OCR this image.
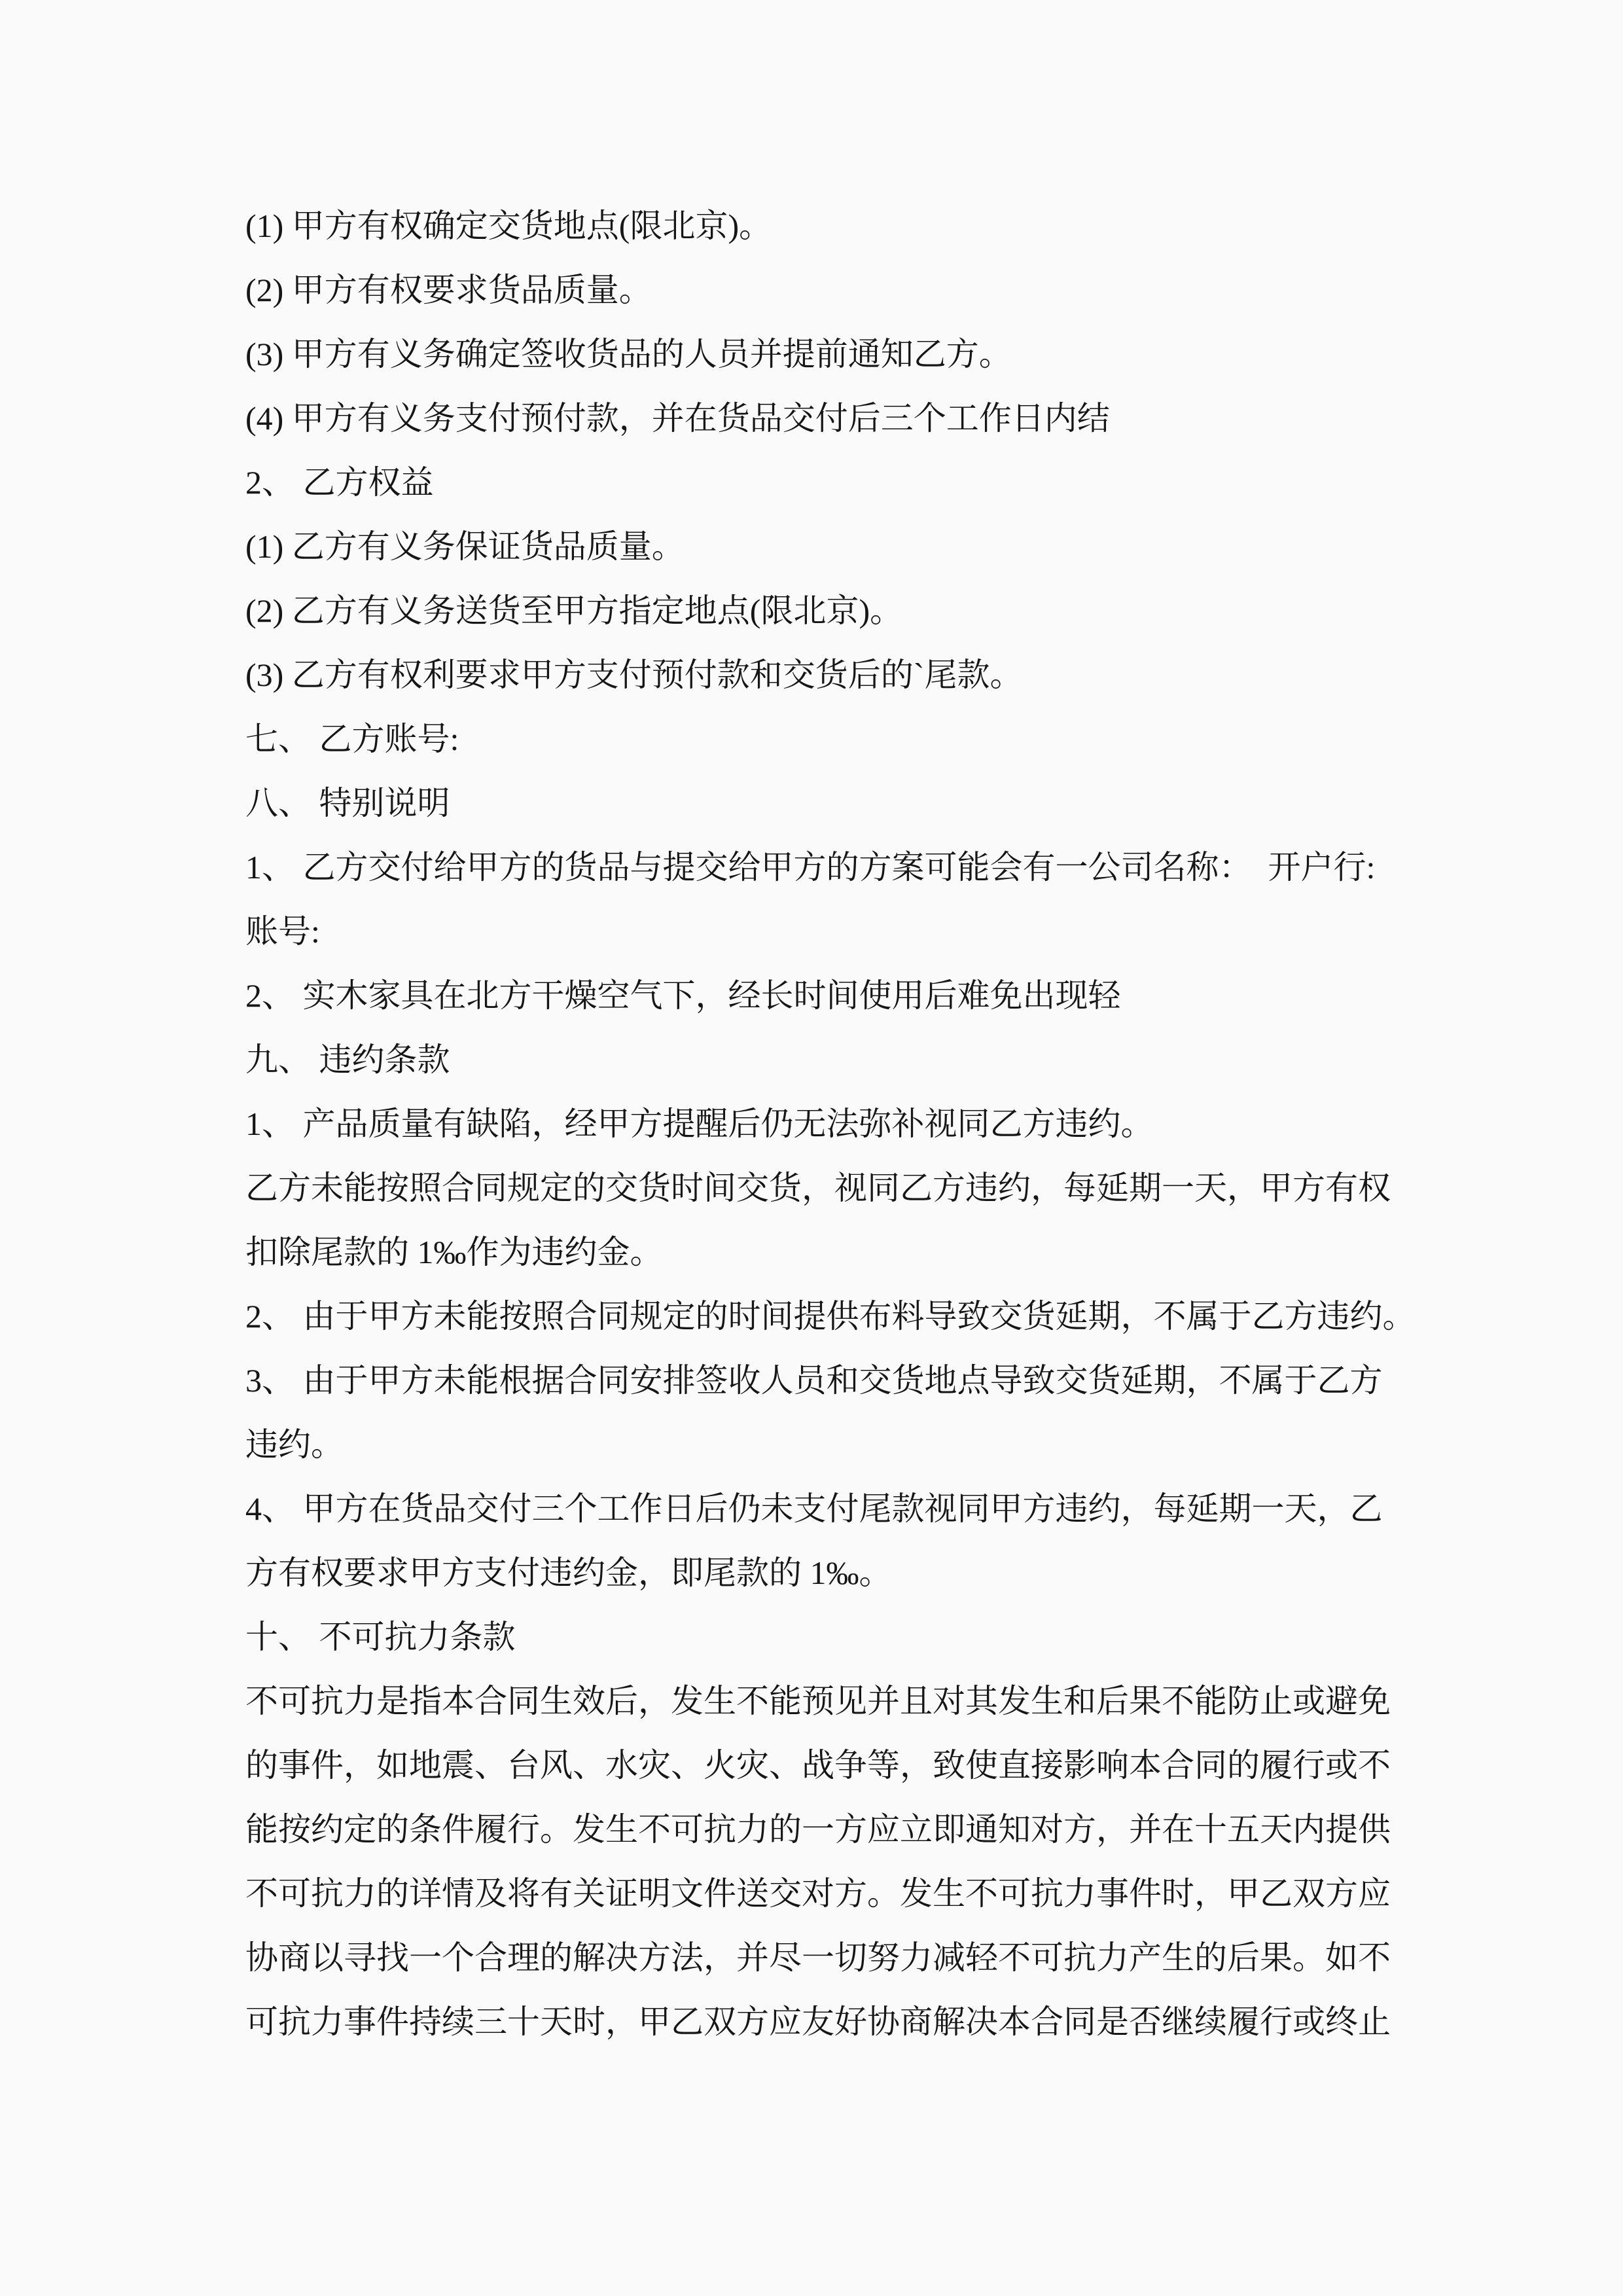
(1) 甲方有权确定交货地点(限北京)。
(2) 甲方有权要求货品质量。
(3) 甲方有义务确定签收货品的人员并提前通知乙方。
(4) 甲方有义务支付预付款，并在货品交付后三个工作日内结
2、 乙方权益
(1) 乙方有义务保证货品质量。
(2) 乙方有义务送货至甲方指定地点(限北京)。
(3) 乙方有权利要求甲方支付预付款和交货后的`尾款。
七、 乙方账号:
八、 特别说明
1、 乙方交付给甲方的货品与提交给甲方的方案可能会有一公司名称：  开户行:
账号:
2、 实木家具在北方干燥空气下，经长时间使用后难免出现轻
九、 违约条款
1、 产品质量有缺陷，经甲方提醒后仍无法弥补视同乙方违约。
乙方未能按照合同规定的交货时间交货，视同乙方违约，每延期一天，甲方有权
扣除尾款的 1‰作为违约金。
2、 由于甲方未能按照合同规定的时间提供布料导致交货延期，不属于乙方违约。
3、 由于甲方未能根据合同安排签收人员和交货地点导致交货延期，不属于乙方
违约。
4、 甲方在货品交付三个工作日后仍未支付尾款视同甲方违约，每延期一天，乙
方有权要求甲方支付违约金，即尾款的 1‰。
十、 不可抗力条款
不可抗力是指本合同生效后，发生不能预见并且对其发生和后果不能防止或避免
的事件，如地震、台风、水灾、火灾、战争等，致使直接影响本合同的履行或不
能按约定的条件履行。发生不可抗力的一方应立即通知对方，并在十五天内提供
不可抗力的详情及将有关证明文件送交对方。发生不可抗力事件时，甲乙双方应
协商以寻找一个合理的解决方法，并尽一切努力减轻不可抗力产生的后果。如不
可抗力事件持续三十天时，甲乙双方应友好协商解决本合同是否继续履行或终止
